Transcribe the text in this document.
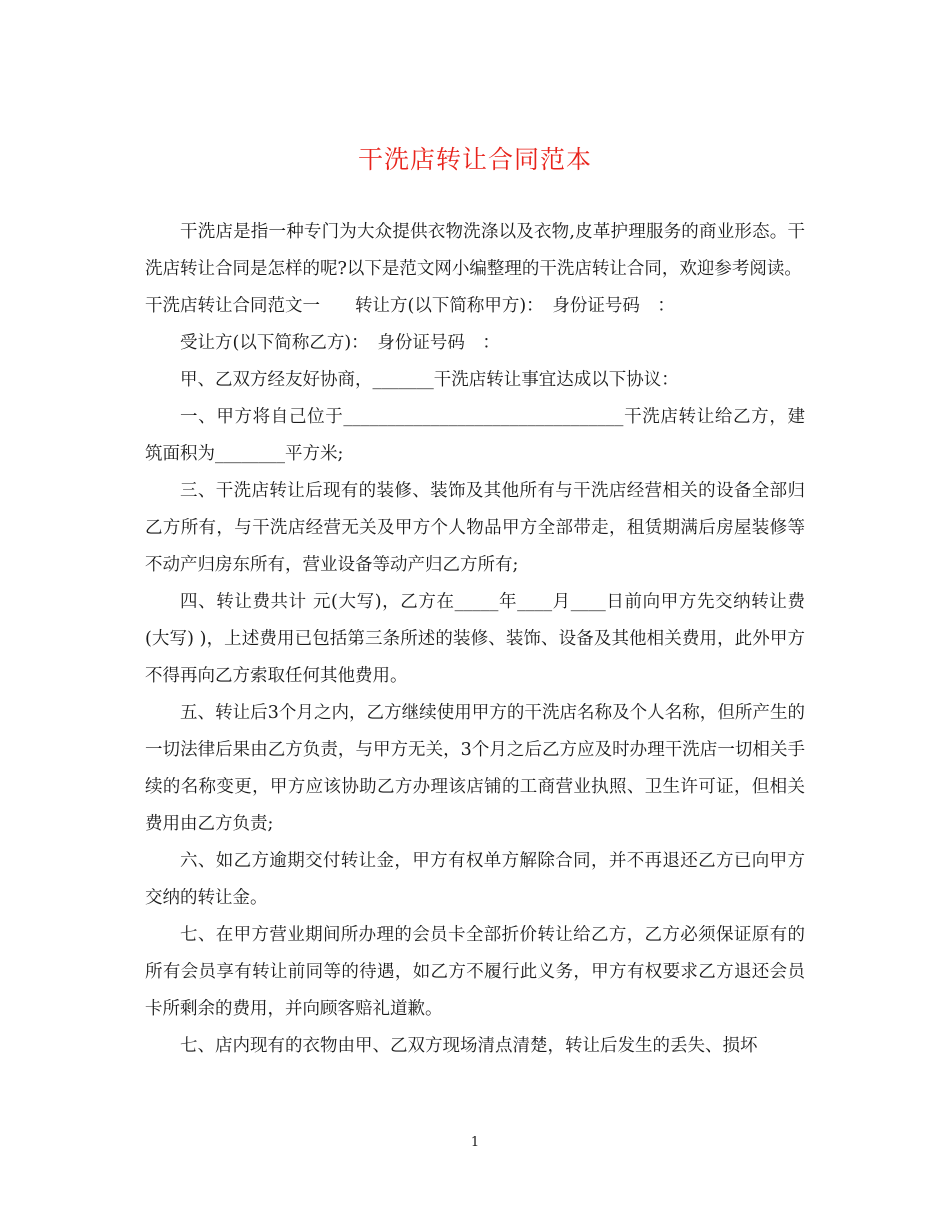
干洗店转让合同范本

干洗店是指一种专门为大众提供衣物洗涤以及衣物,皮革护理服务的商业形态。干洗店转让合同是怎样的呢?以下是范文网小编整理的干洗店转让合同，欢迎参考阅读。

干洗店转让合同范文一　　转让方(以下简称甲方)：　身份证号码　：

受让方(以下简称乙方)：　身份证号码　：

甲、乙双方经友好协商，_______干洗店转让事宜达成以下协议：

一、甲方将自己位于________________________________干洗店转让给乙方，建筑面积为________平方米;

三、干洗店转让后现有的装修、装饰及其他所有与干洗店经营相关的设备全部归乙方所有，与干洗店经营无关及甲方个人物品甲方全部带走，租赁期满后房屋装修等不动产归房东所有，营业设备等动产归乙方所有;

四、转让费共计 元(大写)，乙方在_____年____月____日前向甲方先交纳转让费 (大写) )，上述费用已包括第三条所述的装修、装饰、设备及其他相关费用，此外甲方不得再向乙方索取任何其他费用。

五、转让后3个月之内，乙方继续使用甲方的干洗店名称及个人名称，但所产生的一切法律后果由乙方负责，与甲方无关，3个月之后乙方应及时办理干洗店一切相关手续的名称变更，甲方应该协助乙方办理该店铺的工商营业执照、卫生许可证，但相关费用由乙方负责;

六、如乙方逾期交付转让金，甲方有权单方解除合同，并不再退还乙方已向甲方交纳的转让金。

七、在甲方营业期间所办理的会员卡全部折价转让给乙方，乙方必须保证原有的所有会员享有转让前同等的待遇，如乙方不履行此义务，甲方有权要求乙方退还会员卡所剩余的费用，并向顾客赔礼道歉。

七、店内现有的衣物由甲、乙双方现场清点清楚，转让后发生的丢失、损坏

1
